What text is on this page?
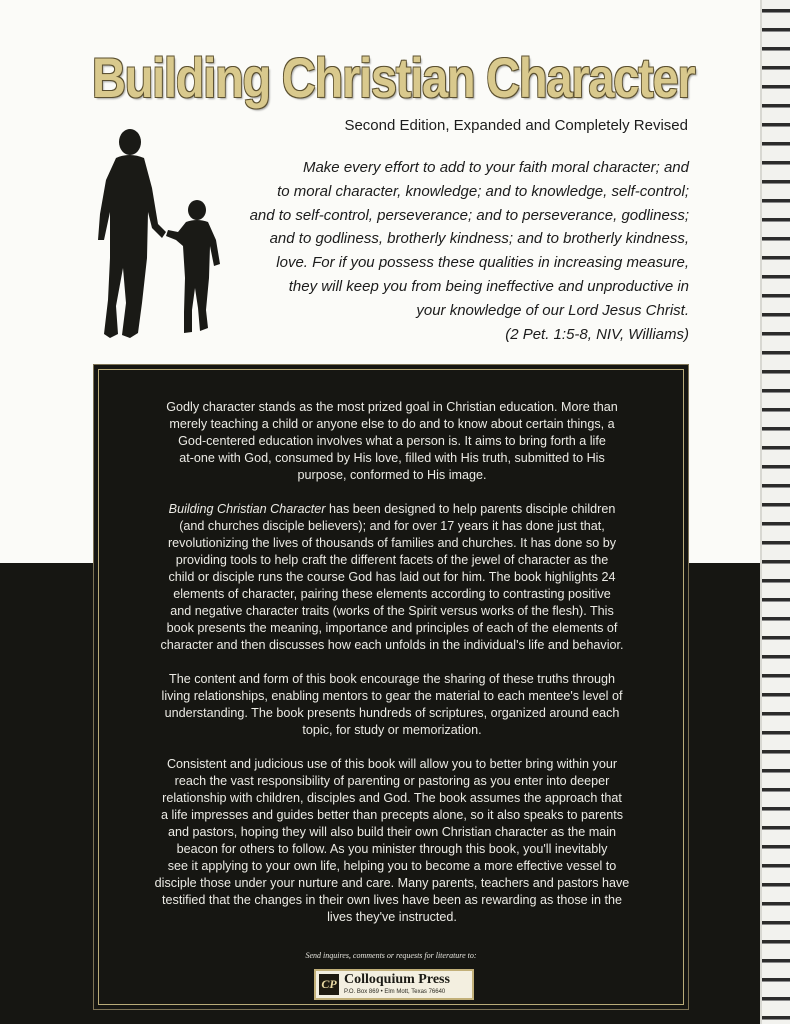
Building Christian Character
Second Edition, Expanded and Completely Revised
Make every effort to add to your faith moral character; and
to moral character, knowledge; and to knowledge, self-control;
and to self-control, perseverance; and to perseverance, godliness;
and to godliness, brotherly kindness; and to brotherly kindness,
love. For if you possess these qualities in increasing measure,
they will keep you from being ineffective and unproductive in
your knowledge of our Lord Jesus Christ.
(2 Pet. 1:5-8, NIV, Williams)

Godly character stands as the most prized goal in Christian education. More than
merely teaching a child or anyone else to do and to know about certain things, a
God-centered education involves what a person is. It aims to bring forth a life
at-one with God, consumed by His love, filled with His truth, submitted to His
purpose, conformed to His image.

Building Christian Character has been designed to help parents disciple children
(and churches disciple believers); and for over 17 years it has done just that,
revolutionizing the lives of thousands of families and churches. It has done so by
providing tools to help craft the different facets of the jewel of character as the
child or disciple runs the course God has laid out for him. The book highlights 24
elements of character, pairing these elements according to contrasting positive
and negative character traits (works of the Spirit versus works of the flesh). This
book presents the meaning, importance and principles of each of the elements of
character and then discusses how each unfolds in the individual's life and behavior.

The content and form of this book encourage the sharing of these truths through
living relationships, enabling mentors to gear the material to each mentee's level of
understanding. The book presents hundreds of scriptures, organized around each
topic, for study or memorization.

Consistent and judicious use of this book will allow you to better bring within your
reach the vast responsibility of parenting or pastoring as you enter into deeper
relationship with children, disciples and God. The book assumes the approach that
a life impresses and guides better than precepts alone, so it also speaks to parents
and pastors, hoping they will also build their own Christian character as the main
beacon for others to follow. As you minister through this book, you'll inevitably
see it applying to your own life, helping you to become a more effective vessel to
disciple those under your nurture and care. Many parents, teachers and pastors have
testified that the changes in their own lives have been as rewarding as those in the
lives they've instructed.

Send inquires, comments or requests for literature to:
CP Colloquium Press
P.O. Box 869 • Elm Mott, Texas 76640
